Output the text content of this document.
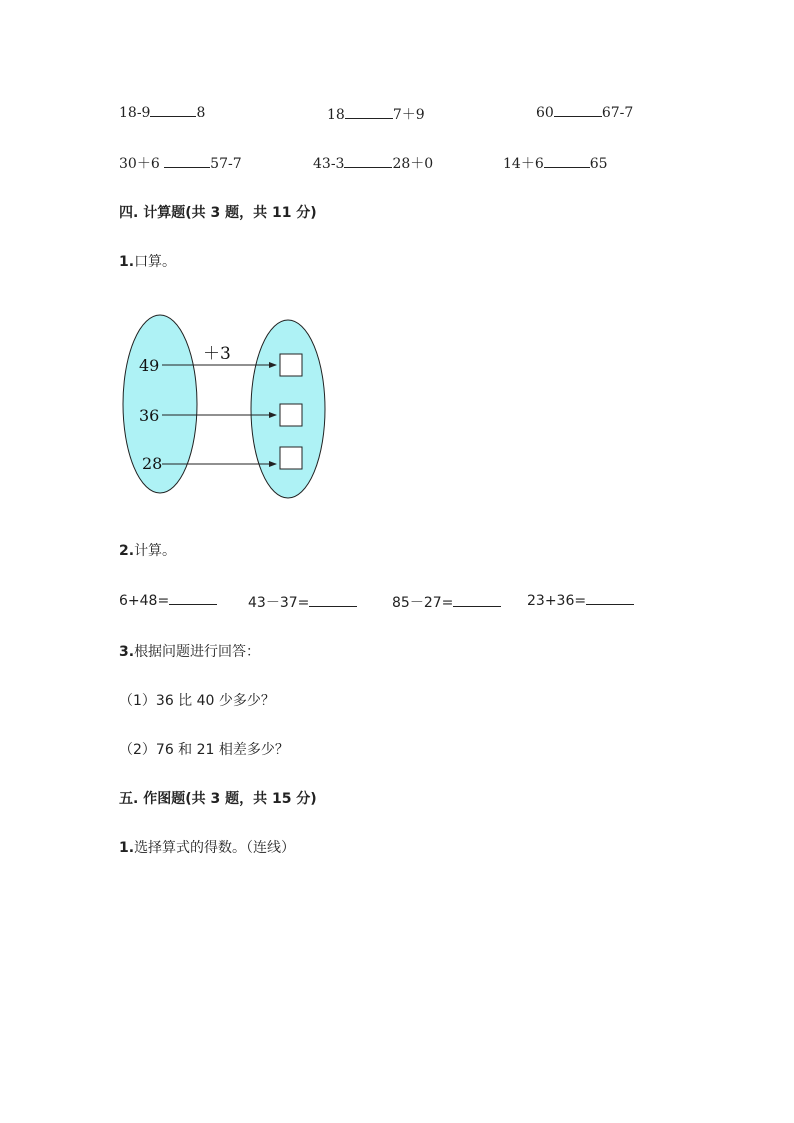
18-9	8	18	7＋9	60	67-7
30＋6	57-7	43-3	28＋0	14＋6	65
四. 计算题(共 3 题，共 11 分)
1.口算。
＋3
49
36
28
2.计算。
6+48=	43－37=	85－27=	23+36=
3.根据问题进行回答：
（1）36 比 40 少多少？
（2）76 和 21 相差多少？
五. 作图题(共 3 题，共 15 分)
1.选择算式的得数。（连线）
